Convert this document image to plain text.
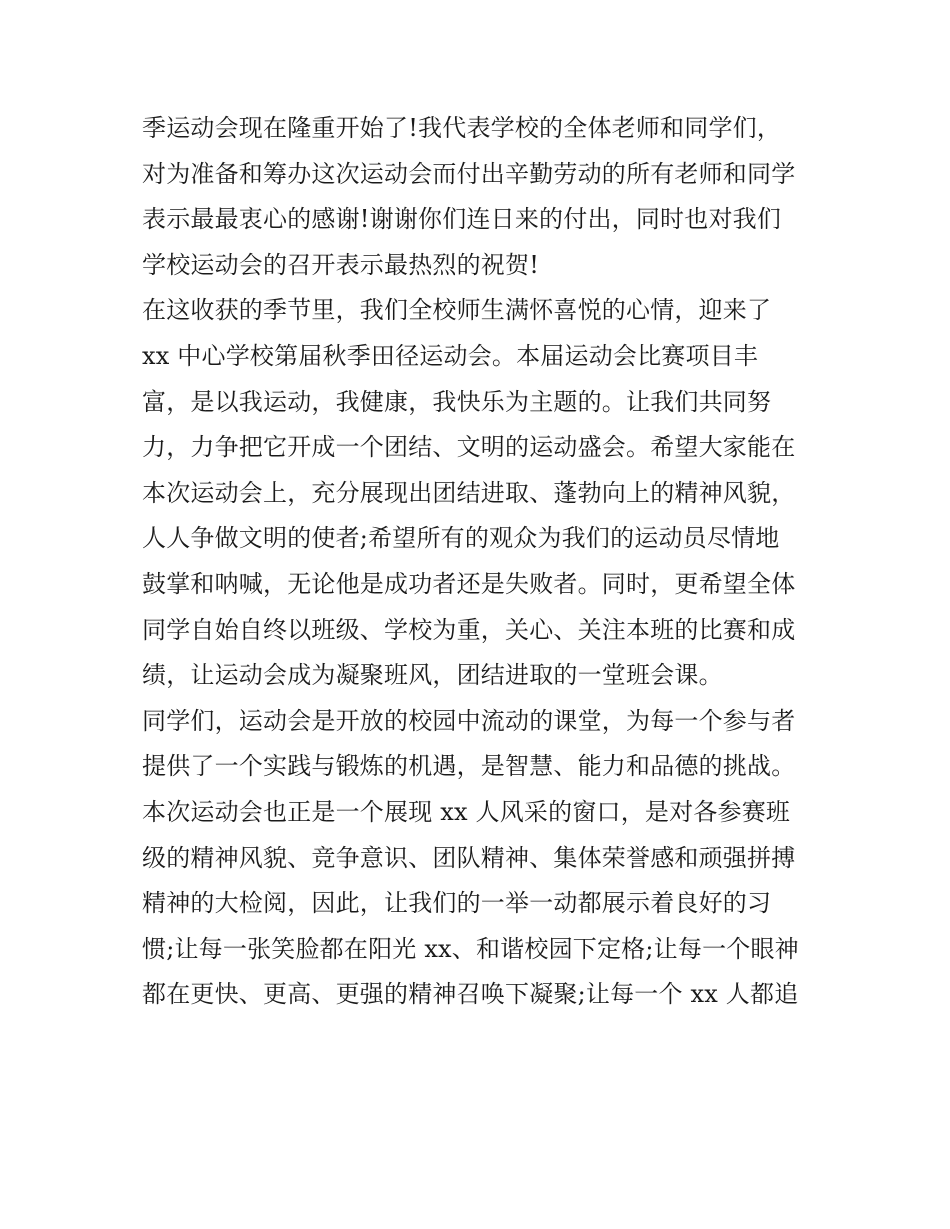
季运动会现在隆重开始了!我代表学校的全体老师和同学们，
对为准备和筹办这次运动会而付出辛勤劳动的所有老师和同学
表示最最衷心的感谢!谢谢你们连日来的付出，同时也对我们
学校运动会的召开表示最热烈的祝贺!
在这收获的季节里，我们全校师生满怀喜悦的心情，迎来了
xx 中心学校第届秋季田径运动会。本届运动会比赛项目丰
富，是以我运动，我健康，我快乐为主题的。让我们共同努
力，力争把它开成一个团结、文明的运动盛会。希望大家能在
本次运动会上，充分展现出团结进取、蓬勃向上的精神风貌，
人人争做文明的使者;希望所有的观众为我们的运动员尽情地
鼓掌和呐喊，无论他是成功者还是失败者。同时，更希望全体
同学自始自终以班级、学校为重，关心、关注本班的比赛和成
绩，让运动会成为凝聚班风，团结进取的一堂班会课。
同学们，运动会是开放的校园中流动的课堂，为每一个参与者
提供了一个实践与锻炼的机遇，是智慧、能力和品德的挑战。
本次运动会也正是一个展现 xx 人风采的窗口，是对各参赛班
级的精神风貌、竞争意识、团队精神、集体荣誉感和顽强拼搏
精神的大检阅，因此，让我们的一举一动都展示着良好的习
惯;让每一张笑脸都在阳光 xx、和谐校园下定格;让每一个眼神
都在更快、更高、更强的精神召唤下凝聚;让每一个 xx 人都追
